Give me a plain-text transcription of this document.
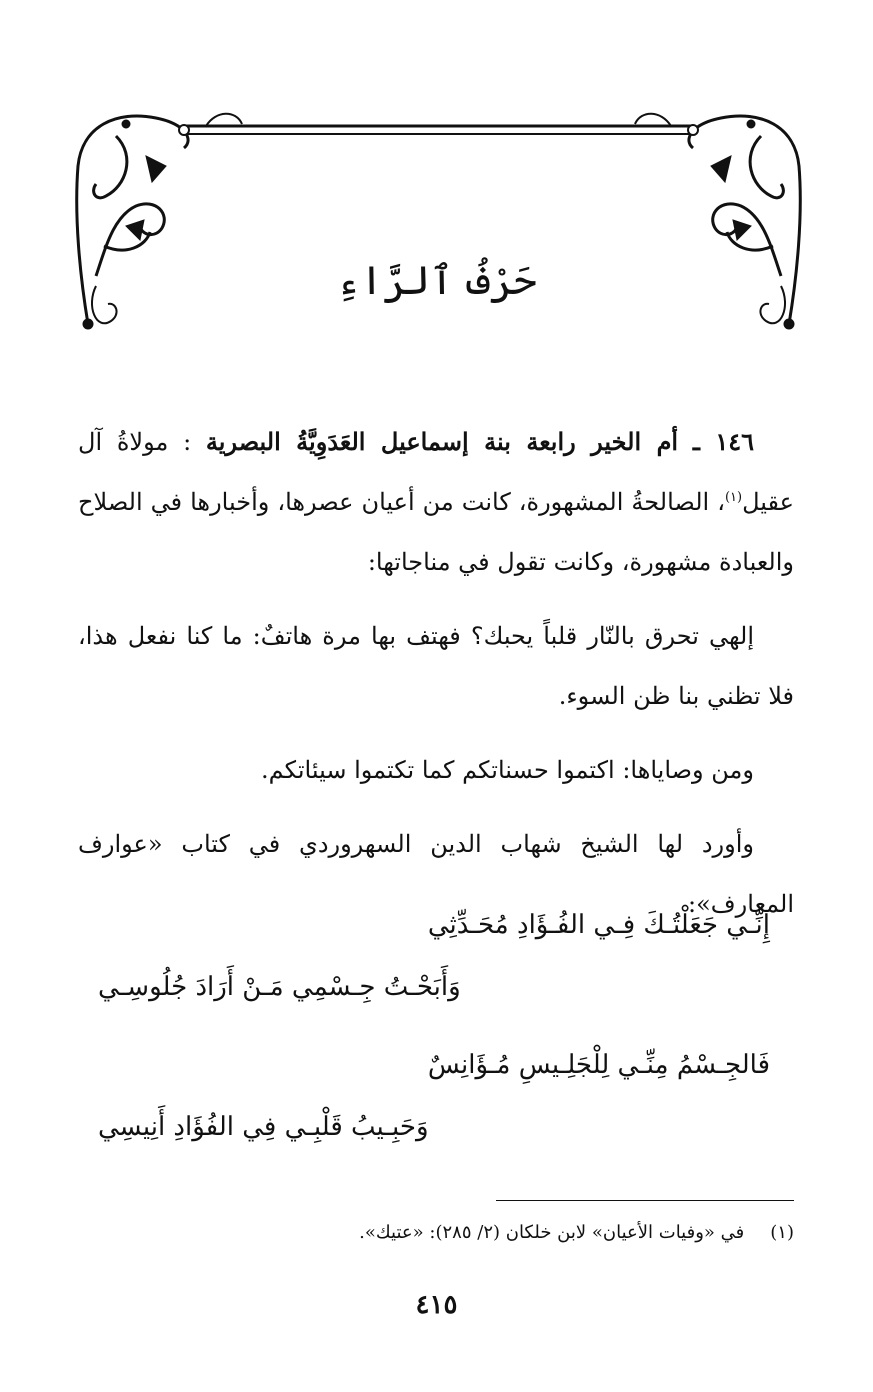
حَرْفُ ٱلرَّاءِ

١٤٦ ـ أم الخير رابعة بنة إسماعيل العَدَوِيَّةُ البصرية : مولاةُ آل عقيل$^{(١)}$، الصالحةُ المشهورة، كانت من أعيان عصرها، وأخبارها في الصلاح والعبادة مشهورة، وكانت تقول في مناجاتها:

إلهي تحرق بالنّار قلباً يحبك؟ فهتف بها مرة هاتفٌ: ما كنا نفعل هذا، فلا تظني بنا ظن السوء.

ومن وصاياها: اكتموا حسناتكم كما تكتموا سيئاتكم.

وأورد لها الشيخ شهاب الدين السهروردي في كتاب «عوارف المعارف»:

إِنِّـي جَعَلْتُـكَ فِـي الفُـؤَادِ مُحَـدِّثِي
وَأَبَحْـتُ جِـسْمِي مَـنْ أَرَادَ جُلُوسِـي
فَالجِـسْمُ مِنِّـي لِلْجَلِـيسِ مُـؤَانِسٌ
وَحَبِـيبُ قَلْبِـي فِي الفُؤَادِ أَنِيسِي
(١)في «وفيات الأعيان» لابن خلكان (٢/ ٢٨٥): «عتيك».
٤١٥
